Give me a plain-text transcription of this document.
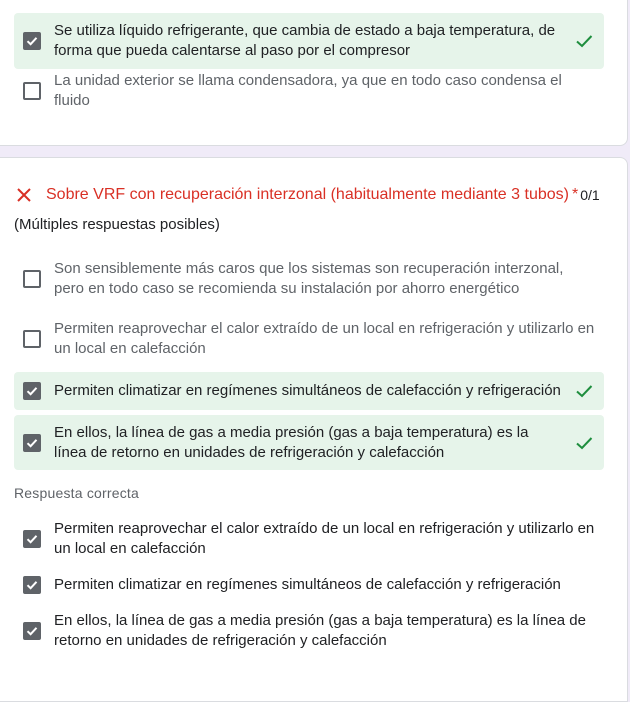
Se utiliza líquido refrigerante, que cambia de estado a baja temperatura, de forma que pueda calentarse al paso por el compresor
La unidad exterior se llama condensadora, ya que en todo caso condensa el fluido
Sobre VRF con recuperación interzonal (habitualmente mediante 3 tubos) * 0/1
(Múltiples respuestas posibles)
Son sensiblemente más caros que los sistemas son recuperación interzonal, pero en todo caso se recomienda su instalación por ahorro energético
Permiten reaprovechar el calor extraído de un local en refrigeración y utilizarlo en un local en calefacción
Permiten climatizar en regímenes simultáneos de calefacción y refrigeración
En ellos, la línea de gas a media presión (gas a baja temperatura) es la línea de retorno en unidades de refrigeración y calefacción
Respuesta correcta
Permiten reaprovechar el calor extraído de un local en refrigeración y utilizarlo en un local en calefacción
Permiten climatizar en regímenes simultáneos de calefacción y refrigeración
En ellos, la línea de gas a media presión (gas a baja temperatura) es la línea de retorno en unidades de refrigeración y calefacción
